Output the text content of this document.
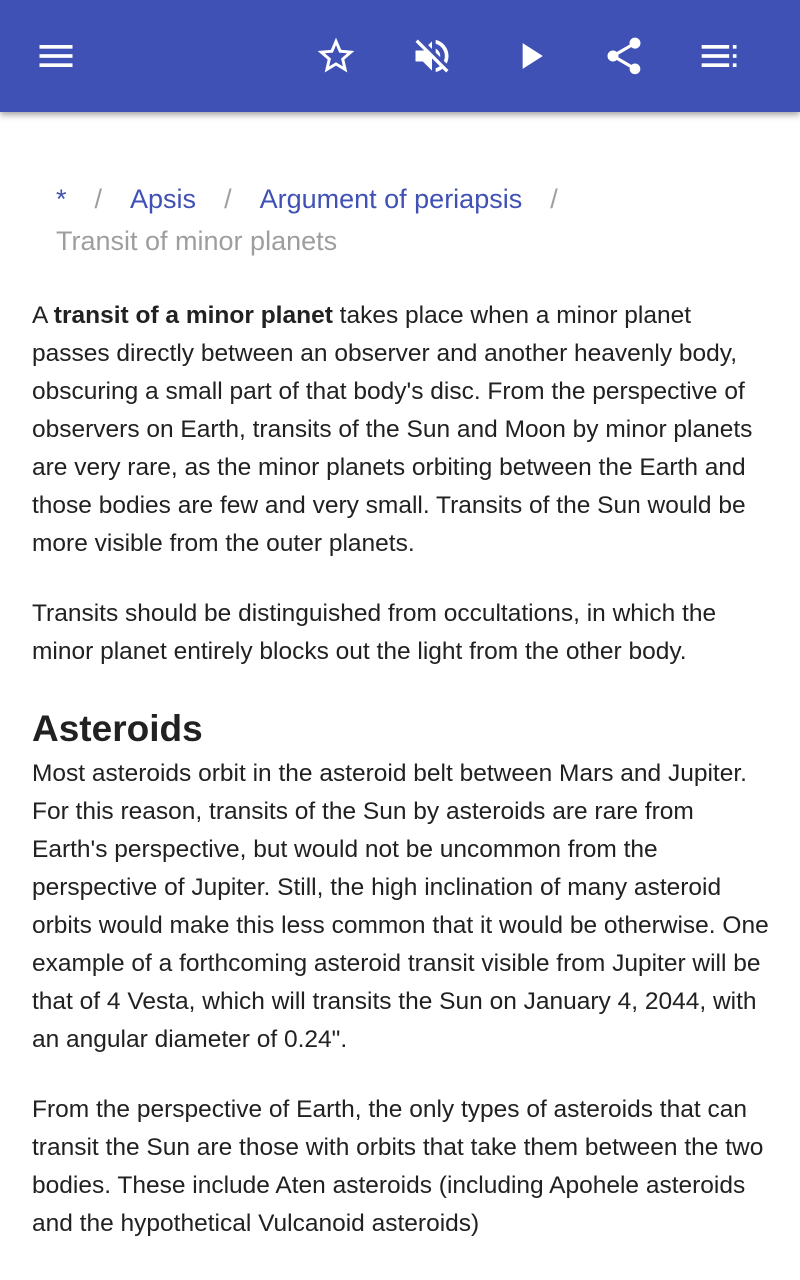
* / Apsis / Argument of periapsis /
Transit of minor planets

A transit of a minor planet takes place when a minor planet passes directly between an observer and another heavenly body, obscuring a small part of that body's disc. From the perspective of observers on Earth, transits of the Sun and Moon by minor planets are very rare, as the minor planets orbiting between the Earth and those bodies are few and very small. Transits of the Sun would be more visible from the outer planets.

Transits should be distinguished from occultations, in which the minor planet entirely blocks out the light from the other body.

Asteroids

Most asteroids orbit in the asteroid belt between Mars and Jupiter. For this reason, transits of the Sun by asteroids are rare from Earth's perspective, but would not be uncommon from the perspective of Jupiter. Still, the high inclination of many asteroid orbits would make this less common that it would be otherwise. One example of a forthcoming asteroid transit visible from Jupiter will be that of 4 Vesta, which will transits the Sun on January 4, 2044, with an angular diameter of 0.24".

From the perspective of Earth, the only types of asteroids that can transit the Sun are those with orbits that take them between the two bodies. These include Aten asteroids (including Apohele asteroids and the hypothetical Vulcanoid asteroids)
